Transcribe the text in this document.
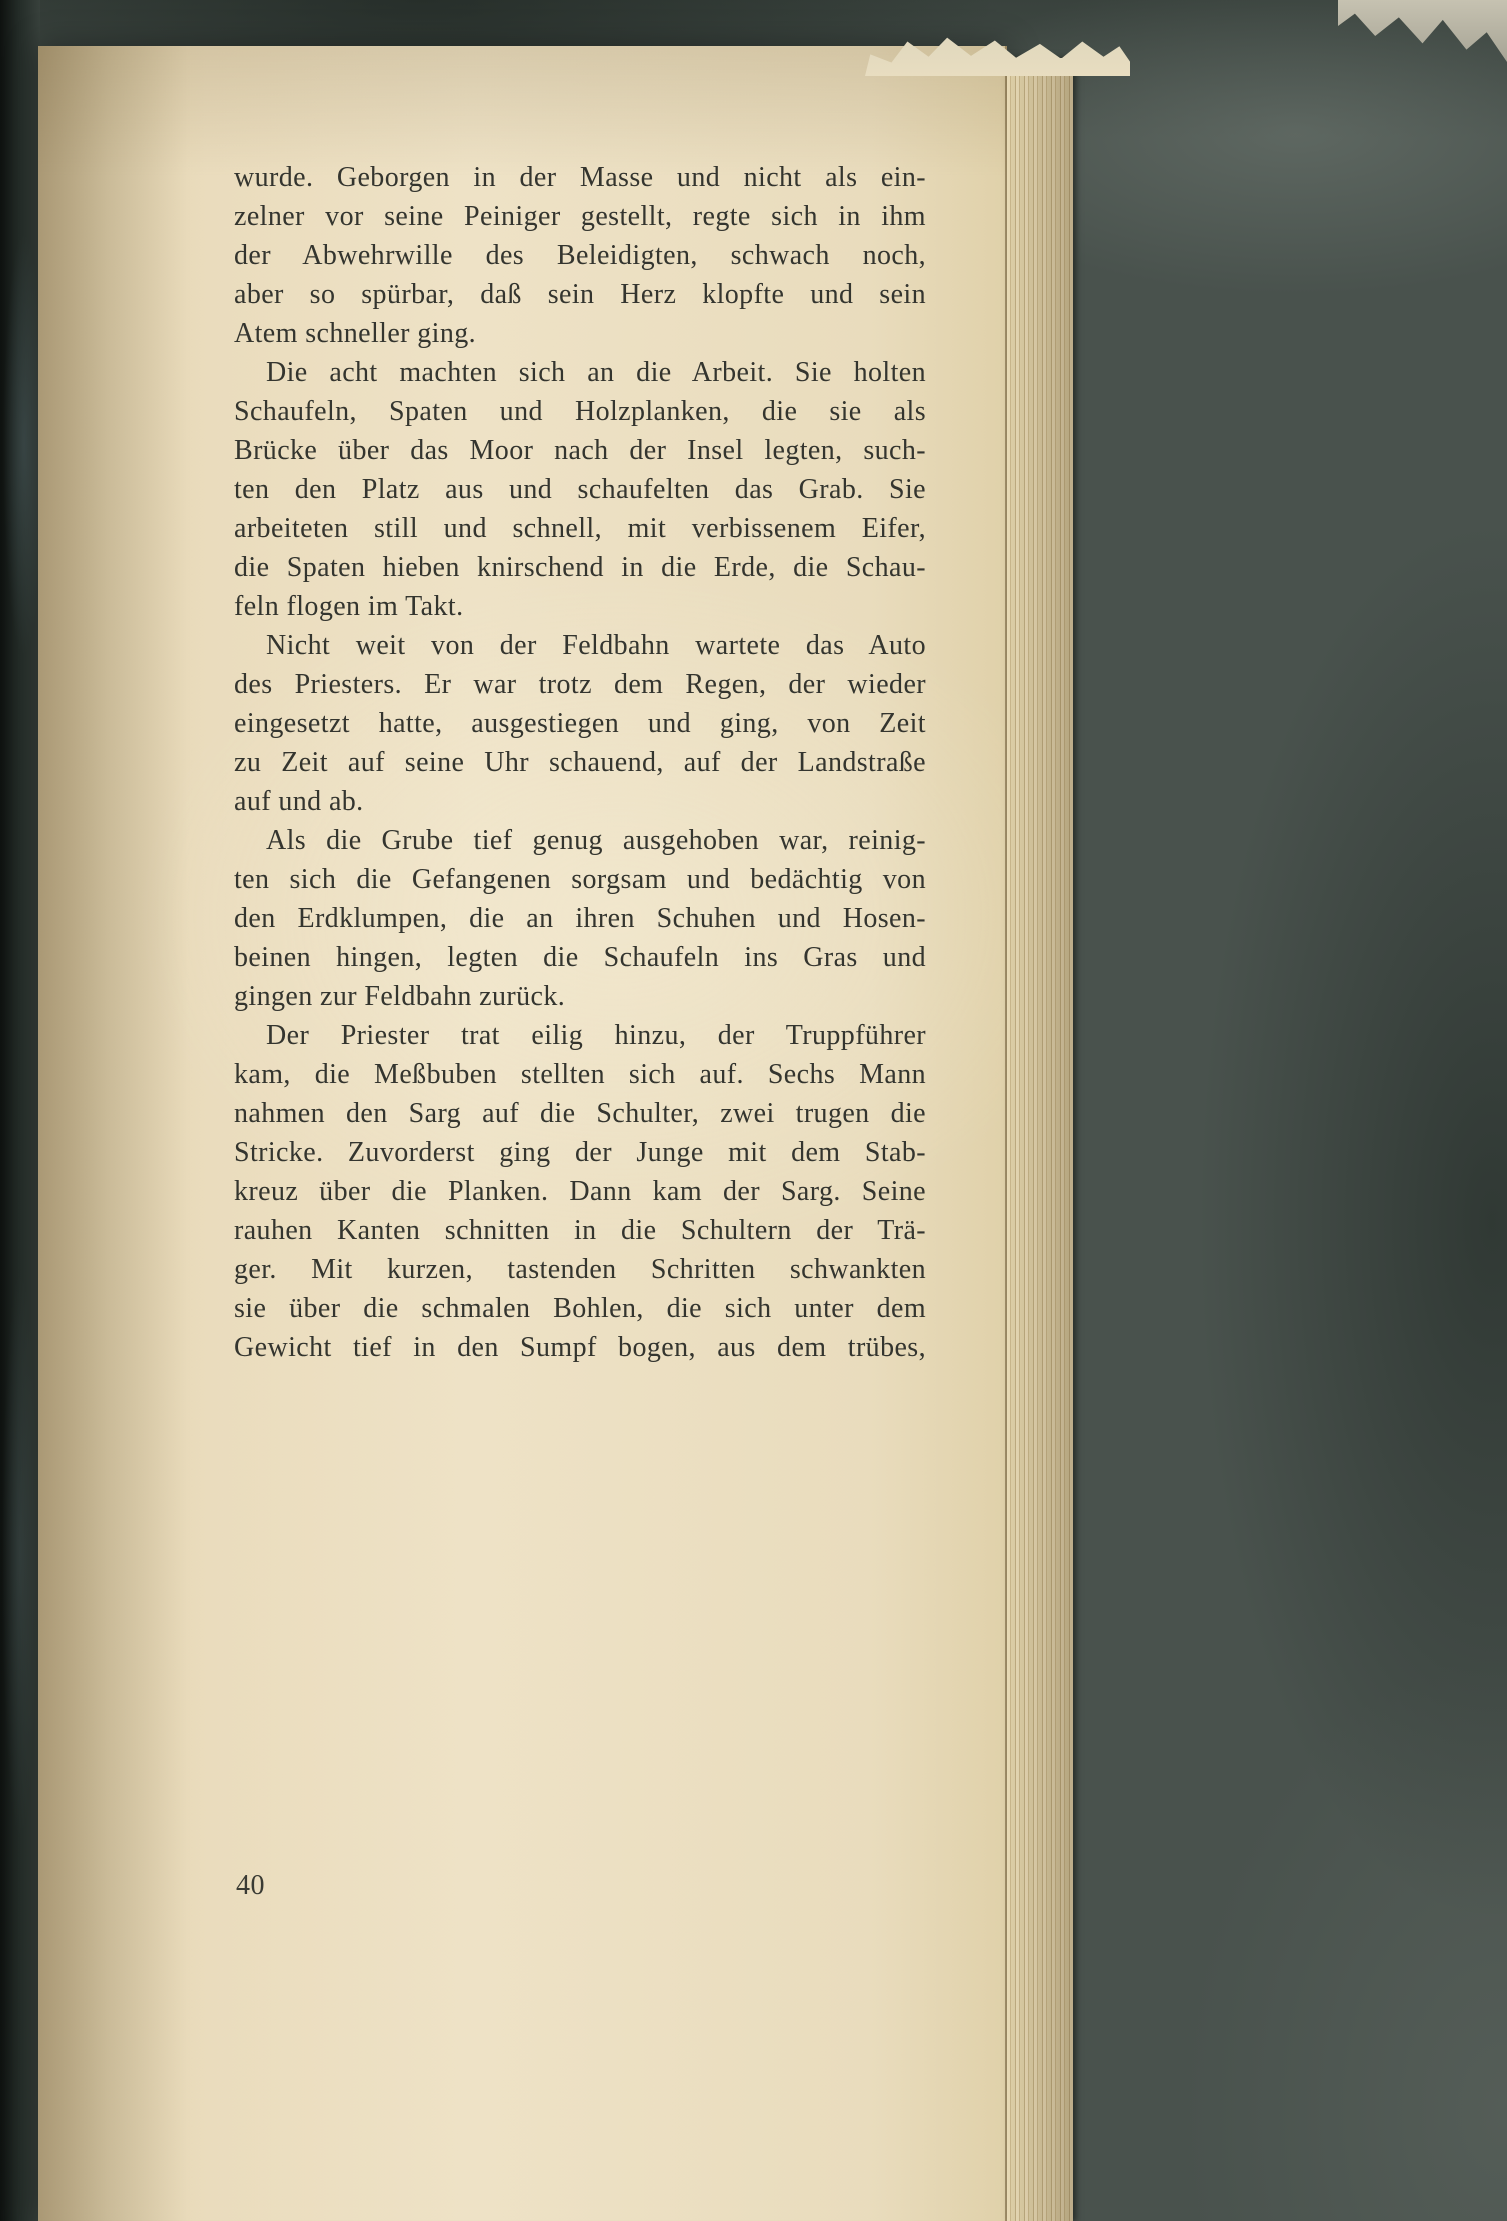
wurde. Geborgen in der Masse und nicht als ein-
zelner vor seine Peiniger gestellt, regte sich in ihm
der Abwehrwille des Beleidigten, schwach noch,
aber so spürbar, daß sein Herz klopfte und sein
Atem schneller ging.

Die acht machten sich an die Arbeit. Sie holten
Schaufeln, Spaten und Holzplanken, die sie als
Brücke über das Moor nach der Insel legten, such-
ten den Platz aus und schaufelten das Grab. Sie
arbeiteten still und schnell, mit verbissenem Eifer,
die Spaten hieben knirschend in die Erde, die Schau-
feln flogen im Takt.

Nicht weit von der Feldbahn wartete das Auto
des Priesters. Er war trotz dem Regen, der wieder
eingesetzt hatte, ausgestiegen und ging, von Zeit
zu Zeit auf seine Uhr schauend, auf der Landstraße
auf und ab.

Als die Grube tief genug ausgehoben war, reinig-
ten sich die Gefangenen sorgsam und bedächtig von
den Erdklumpen, die an ihren Schuhen und Hosen-
beinen hingen, legten die Schaufeln ins Gras und
gingen zur Feldbahn zurück.

Der Priester trat eilig hinzu, der Truppführer
kam, die Meßbuben stellten sich auf. Sechs Mann
nahmen den Sarg auf die Schulter, zwei trugen die
Stricke. Zuvorderst ging der Junge mit dem Stab-
kreuz über die Planken. Dann kam der Sarg. Seine
rauhen Kanten schnitten in die Schultern der Trä-
ger. Mit kurzen, tastenden Schritten schwankten
sie über die schmalen Bohlen, die sich unter dem
Gewicht tief in den Sumpf bogen, aus dem trübes,

40
